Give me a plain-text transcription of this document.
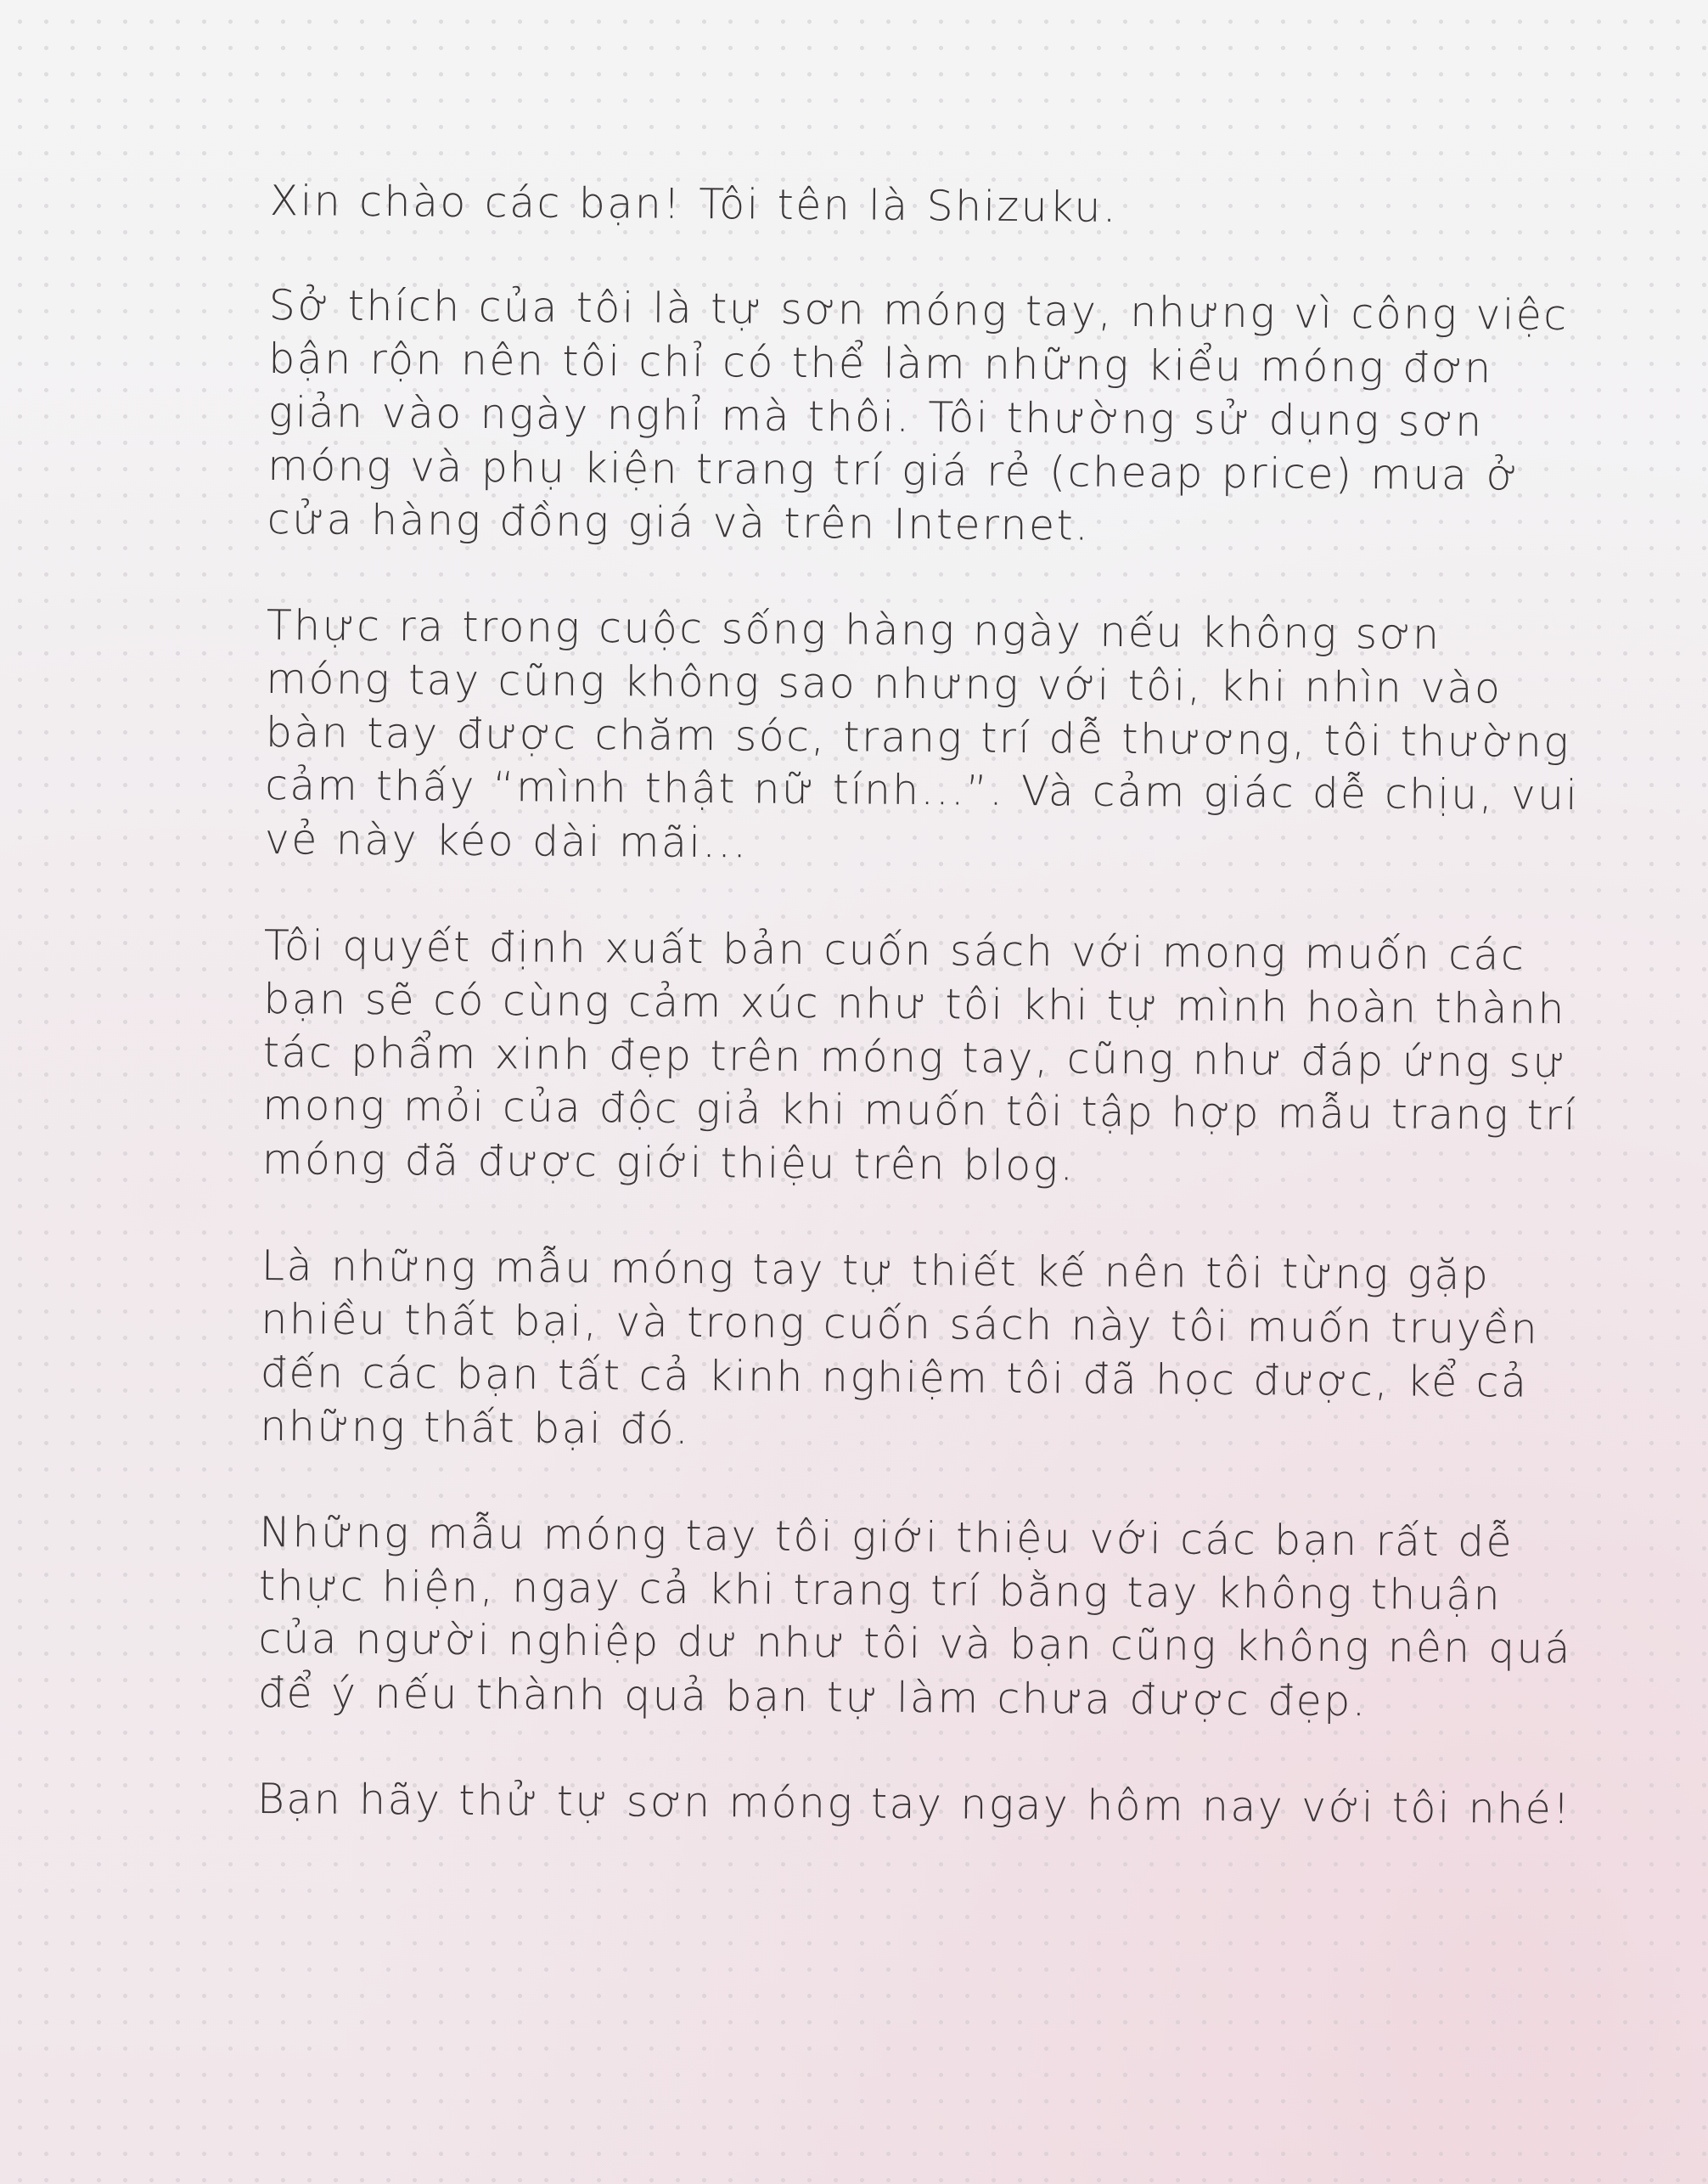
Xin chào các bạn! Tôi tên là Shizuku.

Sở thích của tôi là tự sơn móng tay, nhưng vì công việc
bận rộn nên tôi chỉ có thể làm những kiểu móng đơn
giản vào ngày nghỉ mà thôi. Tôi thường sử dụng sơn
móng và phụ kiện trang trí giá rẻ (cheap price) mua ở
cửa hàng đồng giá và trên Internet.

Thực ra trong cuộc sống hàng ngày nếu không sơn
móng tay cũng không sao nhưng với tôi, khi nhìn vào
bàn tay được chăm sóc, trang trí dễ thương, tôi thường
cảm thấy “mình thật nữ tính...”. Và cảm giác dễ chịu, vui
vẻ này kéo dài mãi...

Tôi quyết định xuất bản cuốn sách với mong muốn các
bạn sẽ có cùng cảm xúc như tôi khi tự mình hoàn thành
tác phẩm xinh đẹp trên móng tay, cũng như đáp ứng sự
mong mỏi của độc giả khi muốn tôi tập hợp mẫu trang trí
móng đã được giới thiệu trên blog.

Là những mẫu móng tay tự thiết kế nên tôi từng gặp
nhiều thất bại, và trong cuốn sách này tôi muốn truyền
đến các bạn tất cả kinh nghiệm tôi đã học được, kể cả
những thất bại đó.

Những mẫu móng tay tôi giới thiệu với các bạn rất dễ
thực hiện, ngay cả khi trang trí bằng tay không thuận
của người nghiệp dư như tôi và bạn cũng không nên quá
để ý nếu thành quả bạn tự làm chưa được đẹp.

Bạn hãy thử tự sơn móng tay ngay hôm nay với tôi nhé!
